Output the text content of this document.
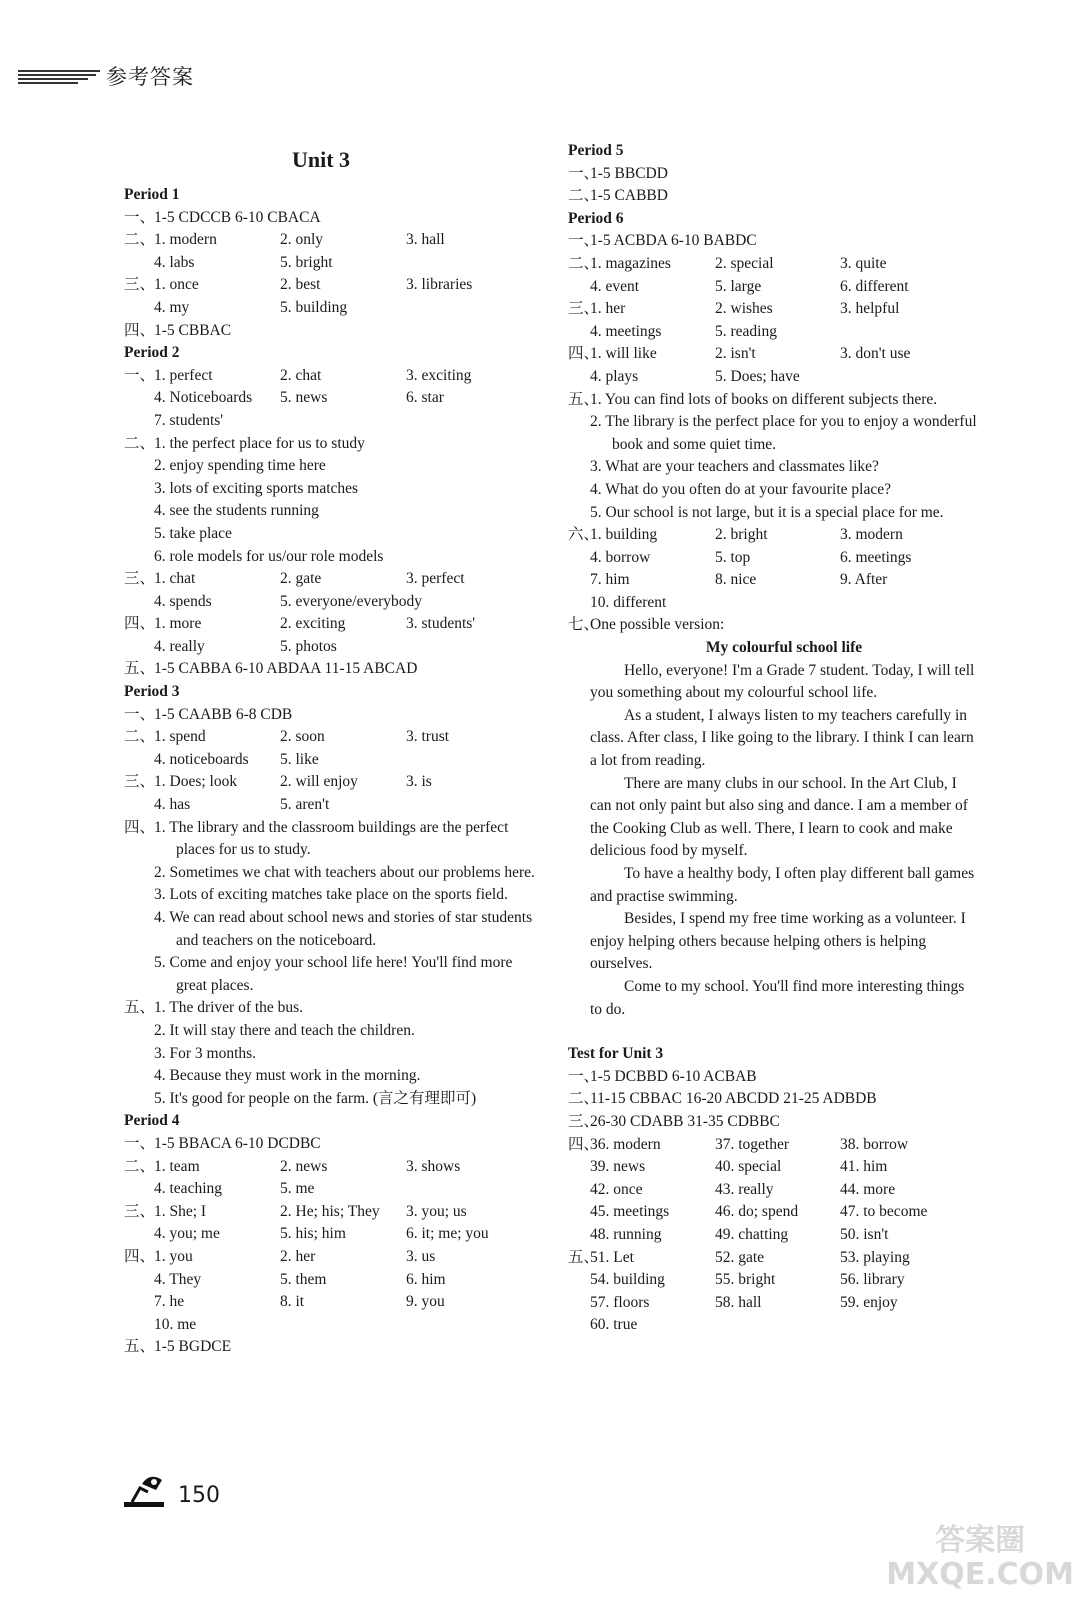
参考答案
Unit 3
Period 1
一、
1-5 CDCCB 6-10 CBACA
二、
1. modern	2. only	3. hall
4. labs	5. bright
三、
1. once	2. best	3. libraries
4. my	5. building
四、
1-5 CBBAC
Period 2
一、
1. perfect	2. chat	3. exciting
4. Noticeboards	5. news	6. star
7. students'
二、
1. the perfect place for us to study
2. enjoy spending time here
3. lots of exciting sports matches
4. see the students running
5. take place
6. role models for us/our role models
三、
1. chat	2. gate	3. perfect
4. spends	5. everyone/everybody
四、
1. more	2. exciting	3. students'
4. really	5. photos
五、
1-5 CABBA 6-10 ABDAA 11-15 ABCAD
Period 3
一、
1-5 CAABB 6-8 CDB
二、
1. spend	2. soon	3. trust
4. noticeboards	5. like
三、
1. Does; look	2. will enjoy	3. is
4. has	5. aren't
四、1. The library and the classroom buildings are the perfect places for us to study.
2. Sometimes we chat with teachers about our problems here.
3. Lots of exciting matches take place on the sports field.
4. We can read about school news and stories of star students and teachers on the noticeboard.
5. Come and enjoy your school life here! You'll find more great places.
五、
1. The driver of the bus.
2. It will stay there and teach the children.
3. For 3 months.
4. Because they must work in the morning.
5. It's good for people on the farm. (言之有理即可)
Period 4
一、
1-5 BBACA 6-10 DCDBC
二、
1. team	2. news	3. shows
4. teaching	5. me
三、
1. She; I	2. He; his; They	3. you; us
4. you; me	5. his; him	6. it; me; you
四、
1. you	2. her	3. us
4. They	5. them	6. him
7. he	8. it	9. you
10. me
五、
1-5 BGDCE
Period 5
一、
1-5 BBCDD
二、
1-5 CABBD
Period 6
一、
1-5 ACBDA 6-10 BABDC
二、
1. magazines	2. special	3. quite
4. event	5. large	6. different
三、
1. her	2. wishes	3. helpful
4. meetings	5. reading
四、
1. will like	2. isn't	3. don't use
4. plays	5. Does; have
五、1. You can find lots of books on different subjects there.
2. The library is the perfect place for you to enjoy a wonderful book and some quiet time.
3. What are your teachers and classmates like?
4. What do you often do at your favourite place?
5. Our school is not large, but it is a special place for me.
六、
1. building	2. bright	3. modern
4. borrow	5. top	6. meetings
7. him	8. nice	9. After
10. different
七、
One possible version:
My colourful school life

Hello, everyone! I'm a Grade 7 student. Today, I will tell you something about my colourful school life.

As a student, I always listen to my teachers carefully in class. After class, I like going to the library. I think I can learn a lot from reading.

There are many clubs in our school. In the Art Club, I can not only paint but also sing and dance. I am a member of the Cooking Club as well. There, I learn to cook and make delicious food by myself.

To have a healthy body, I often play different ball games and practise swimming.

Besides, I spend my free time working as a volunteer. I enjoy helping others because helping others is helping ourselves.

Come to my school. You'll find more interesting things to do.

Test for Unit 3
一、
1-5 DCBBD 6-10 ACBAB
二、
11-15 CBBAC 16-20 ABCDD 21-25 ADBDB
三、
26-30 CDABB 31-35 CDBBC
四、
36. modern	37. together	38. borrow
39. news	40. special	41. him
42. once	43. really	44. more
45. meetings	46. do; spend	47. to become
48. running	49. chatting	50. isn't
五、
51. Let	52. gate	53. playing
54. building	55. bright	56. library
57. floors	58. hall	59. enjoy
60. true
150
答案圈
MXQE.COM
